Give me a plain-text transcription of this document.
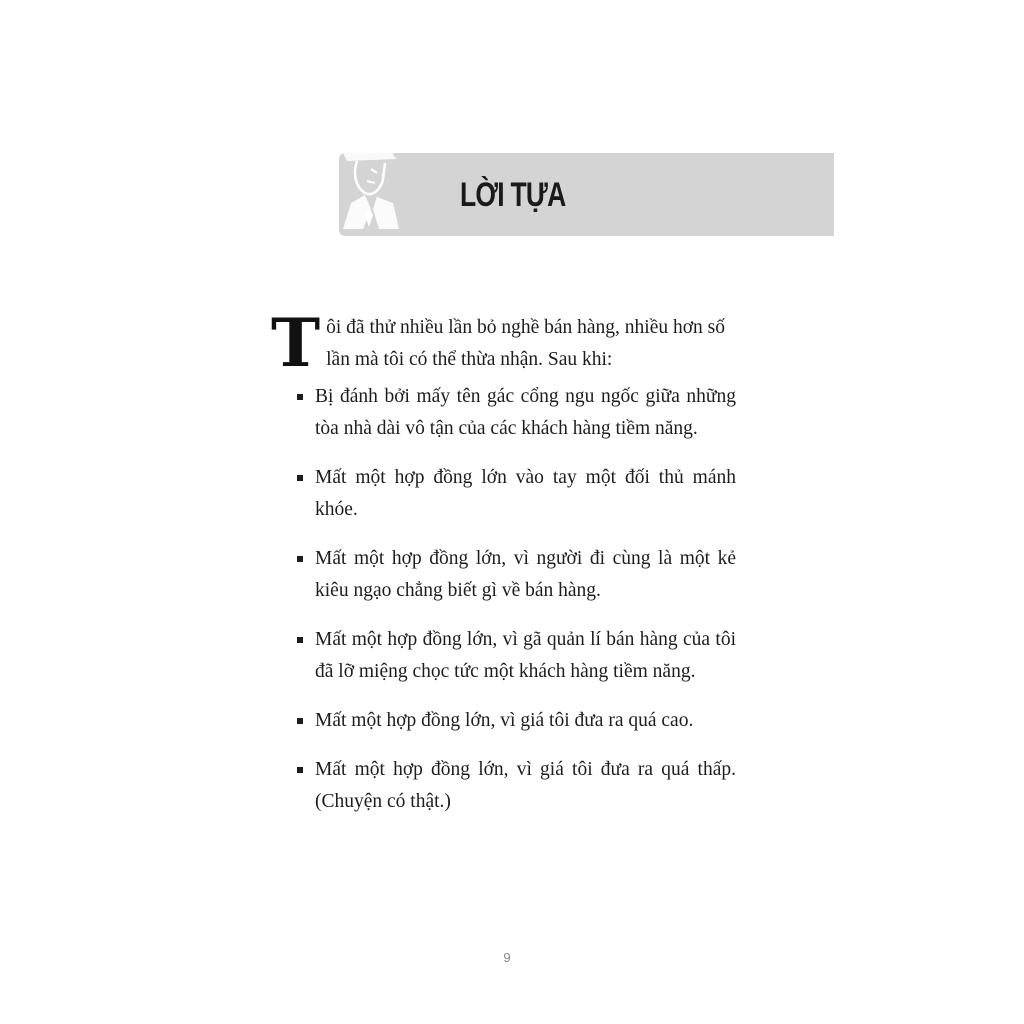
LỜI TỰA

Tôi đã thử nhiều lần bỏ nghề bán hàng, nhiều hơn số lần mà tôi có thể thừa nhận. Sau khi:

Bị đánh bởi mấy tên gác cổng ngu ngốc giữa những tòa nhà dài vô tận của các khách hàng tiềm năng.
Mất một hợp đồng lớn vào tay một đối thủ mánh khóe.
Mất một hợp đồng lớn, vì người đi cùng là một kẻ kiêu ngạo chẳng biết gì về bán hàng.
Mất một hợp đồng lớn, vì gã quản lí bán hàng của tôi đã lỡ miệng chọc tức một khách hàng tiềm năng.
Mất một hợp đồng lớn, vì giá tôi đưa ra quá cao.
Mất một hợp đồng lớn, vì giá tôi đưa ra quá thấp. (Chuyện có thật.)
9
